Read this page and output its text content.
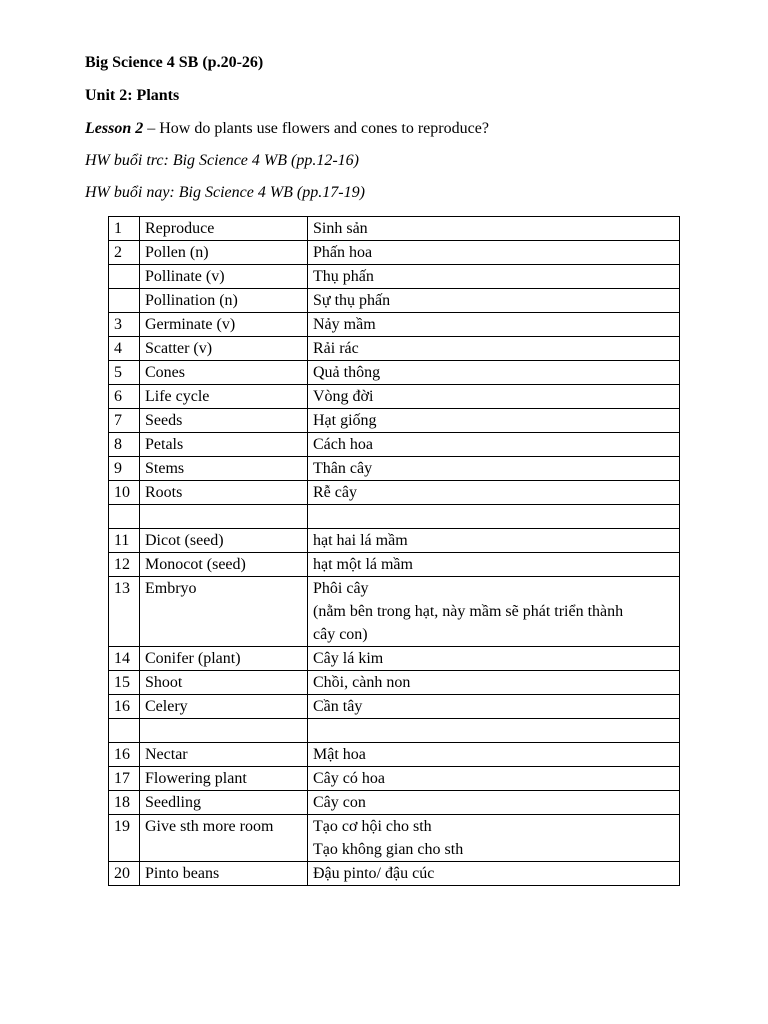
Big Science 4 SB (p.20-26)

Unit 2: Plants

Lesson 2 – How do plants use flowers and cones to reproduce?

HW buổi trc: Big Science 4 WB (pp.12-16)

HW buổi nay: Big Science 4 WB (pp.17-19)

1	Reproduce	Sinh sản

2	Pollen (n)	Phấn hoa

	Pollinate (v)	Thụ phấn

	Pollination (n)	Sự thụ phấn

3	Germinate (v)	Nảy mầm

4	Scatter (v)	Rải rác

5	Cones	Quả thông

6	Life cycle	Vòng đời

7	Seeds	Hạt giống

8	Petals	Cách hoa

9	Stems	Thân cây

10	Roots	Rễ cây

11	Dicot (seed)	hạt hai lá mầm

12	Monocot (seed)	hạt một lá mầm

13	Embryo	Phôi cây
(nằm bên trong hạt, này mầm sẽ phát triển thành
cây con)

14	Conifer (plant)	Cây lá kim

15	Shoot	Chồi, cành non

16	Celery	Cần tây

16	Nectar	Mật hoa

17	Flowering plant	Cây có hoa

18	Seedling	Cây con

19	Give sth more room	Tạo cơ hội cho sth
Tạo không gian cho sth

20	Pinto beans	Đậu pinto/ đậu cúc
